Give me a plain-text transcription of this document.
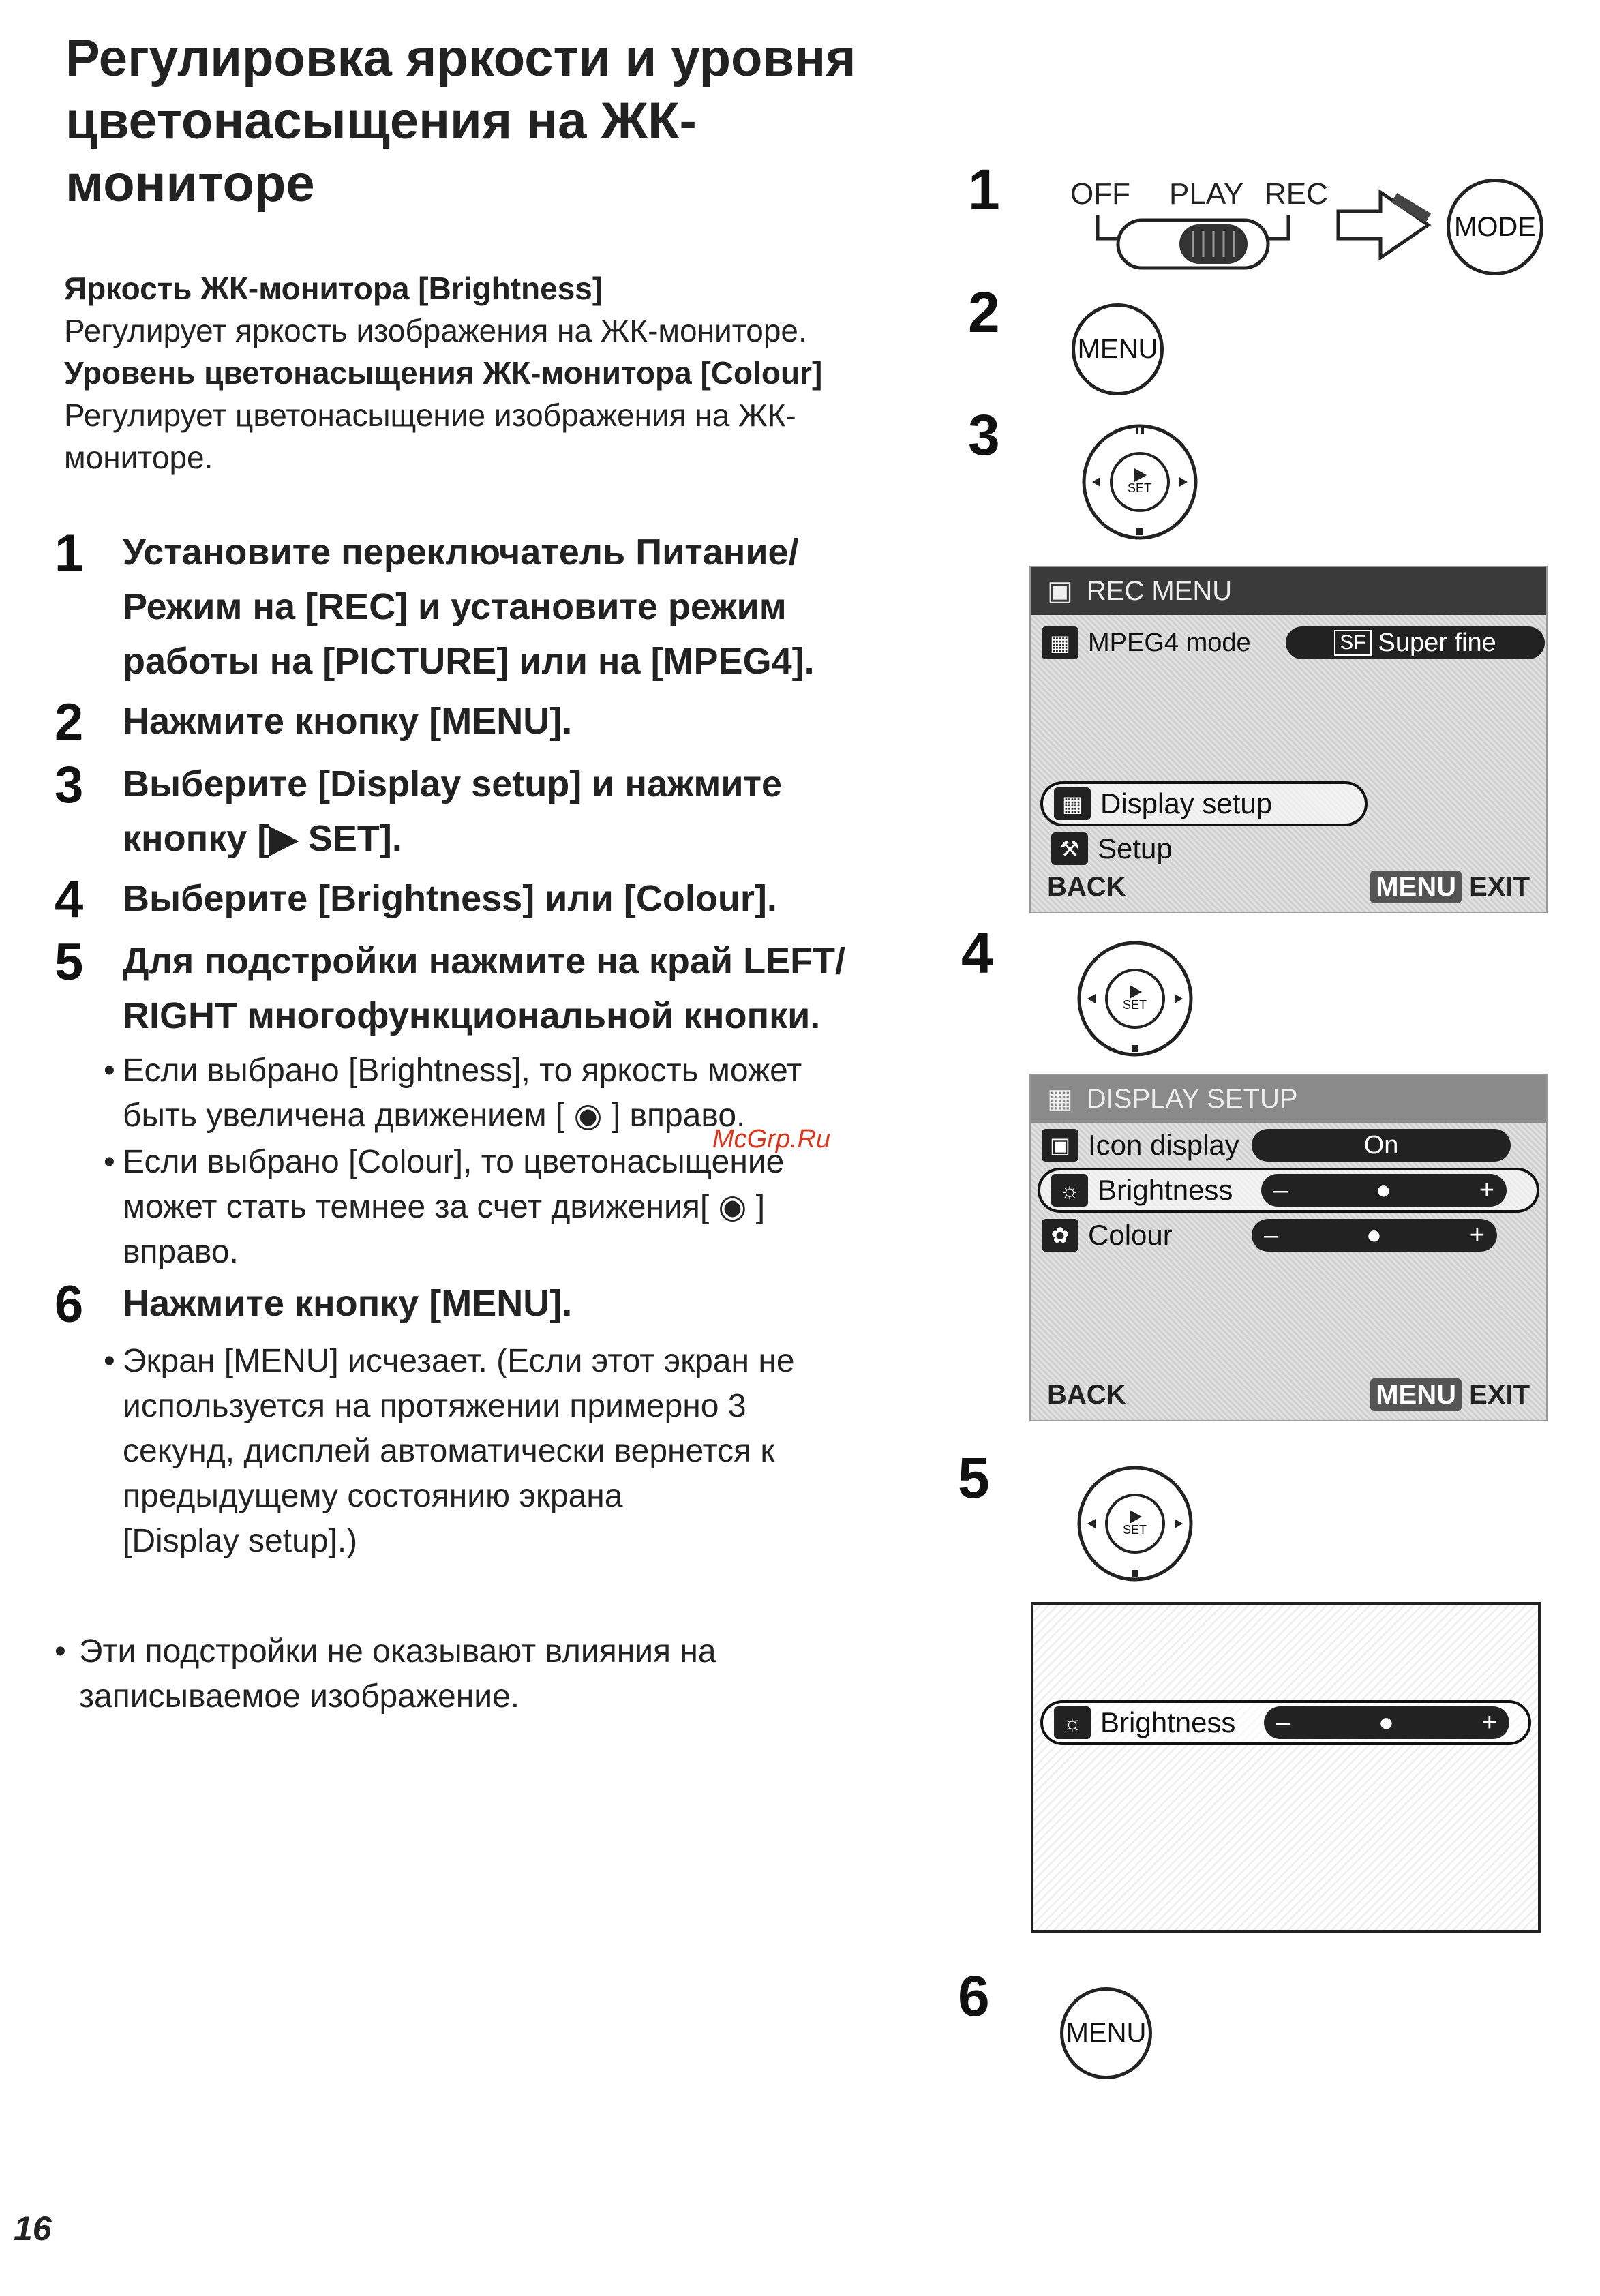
Регулировка яркости и уровня
цветонасыщения на ЖК-
мониторе
Яркость ЖК-монитора [Brightness]
Регулирует яркость изображения на ЖК-мониторе.
Уровень цветонасыщения ЖК-монитора [Colour]
Регулирует цветонасыщение изображения на ЖК-
мониторе.
1	Установите переключатель Питание/
Режим на [REC] и установите режим
работы на [PICTURE] или на [MPEG4].
2	Нажмите кнопку [MENU].
3	Выберите [Display setup] и нажмите
кнопку [▶ SET].
4	Выберите [Brightness] или [Colour].
5	Для подстройки нажмите на край LEFT/
RIGHT многофункциональной кнопки.
• Если выбрано [Brightness], то яркость может
быть увеличена движением [ ◉ ] вправо.
• Если выбрано [Colour], то цветонасыщение
может стать темнее за счет движения[ ◉ ]
вправо.
6	Нажмите кнопку [MENU].
• Экран [MENU] исчезает. (Если этот экран не
используется на протяжении примерно 3
секунд, дисплей автоматически вернется к
предыдущему состоянию экрана
[Display setup].)
• Эти подстройки не оказывают влияния на
записываемое изображение.
McGrp.Ru
16
1 OFF PLAY REC
MODE
2
MENU
3
SET
▣ REC MENU
▦ MPEG4 mode	SF Super fine
▦ Display setup
⚒ Setup
BACK	MENU EXIT
4
SET
▦ DISPLAY SETUP
▣ Icon display	On
☼ Brightness	–	●	+
✿ Colour	–	●	+
BACK	MENU EXIT
5
SET
☼ Brightness	–	●	+
6
MENU
